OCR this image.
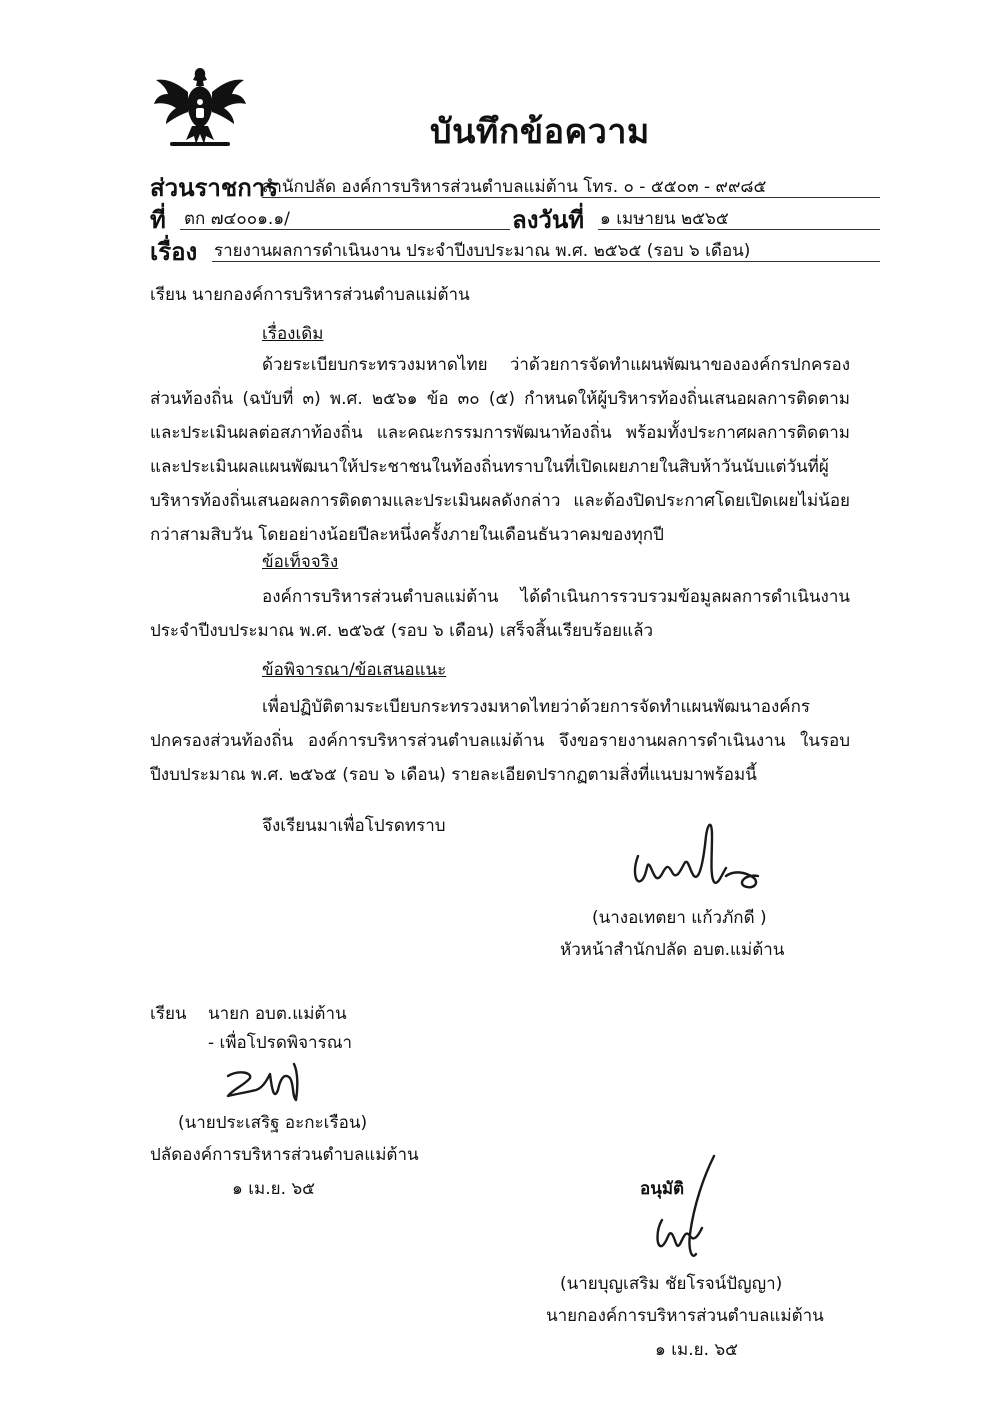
บันทึกข้อความ
ส่วนราชการ
สำนักปลัด องค์การบริหารส่วนตำบลแม่ต้าน โทร. ๐ - ๕๕๐๓ - ๙๙๘๕
ที่ ตก ๗๔๐๐๑.๑/	ลงวันที่ ๑ เมษายน ๒๕๖๕
เรื่อง รายงานผลการดำเนินงาน ประจำปีงบประมาณ พ.ศ. ๒๕๖๕ (รอบ ๖ เดือน)
เรียน นายกองค์การบริหารส่วนตำบลแม่ต้าน
เรื่องเดิม
ด้วยระเบียบกระทรวงมหาดไทย ว่าด้วยการจัดทำแผนพัฒนาขององค์กรปกครองส่วนท้องถิ่น (ฉบับที่ ๓) พ.ศ. ๒๕๖๑ ข้อ ๓๐ (๕) กำหนดให้ผู้บริหารท้องถิ่นเสนอผลการติดตามและประเมินผลต่อสภาท้องถิ่น และคณะกรรมการพัฒนาท้องถิ่น พร้อมทั้งประกาศผลการติดตามและประเมินผลแผนพัฒนาให้ประชาชนในท้องถิ่นทราบในที่เปิดเผยภายในสิบห้าวันนับแต่วันที่ผู้บริหารท้องถิ่นเสนอผลการติดตามและประเมินผลดังกล่าว และต้องปิดประกาศโดยเปิดเผยไม่น้อยกว่าสามสิบวัน โดยอย่างน้อยปีละหนึ่งครั้งภายในเดือนธันวาคมของทุกปี
ข้อเท็จจริง
องค์การบริหารส่วนตำบลแม่ต้าน ได้ดำเนินการรวบรวมข้อมูลผลการดำเนินงานประจำปีงบประมาณ พ.ศ. ๒๕๖๕ (รอบ ๖ เดือน) เสร็จสิ้นเรียบร้อยแล้ว
ข้อพิจารณา/ข้อเสนอแนะ
เพื่อปฏิบัติตามระเบียบกระทรวงมหาดไทยว่าด้วยการจัดทำแผนพัฒนาองค์กรปกครองส่วนท้องถิ่น องค์การบริหารส่วนตำบลแม่ต้าน จึงขอรายงานผลการดำเนินงาน ในรอบปีงบประมาณ พ.ศ. ๒๕๖๕ (รอบ ๖ เดือน) รายละเอียดปรากฏตามสิ่งที่แนบมาพร้อมนี้
จึงเรียนมาเพื่อโปรดทราบ
(นางอเทตยา แก้วภักดี )
หัวหน้าสำนักปลัด อบต.แม่ต้าน
เรียน นายก อบต.แม่ต้าน
- เพื่อโปรดพิจารณา
(นายประเสริฐ อะกะเรือน)
ปลัดองค์การบริหารส่วนตำบลแม่ต้าน
๑ เม.ย. ๖๕	อนุมัติ
(นายบุญเสริม ชัยโรจน์ปัญญา)
นายกองค์การบริหารส่วนตำบลแม่ต้าน
๑ เม.ย. ๖๕
